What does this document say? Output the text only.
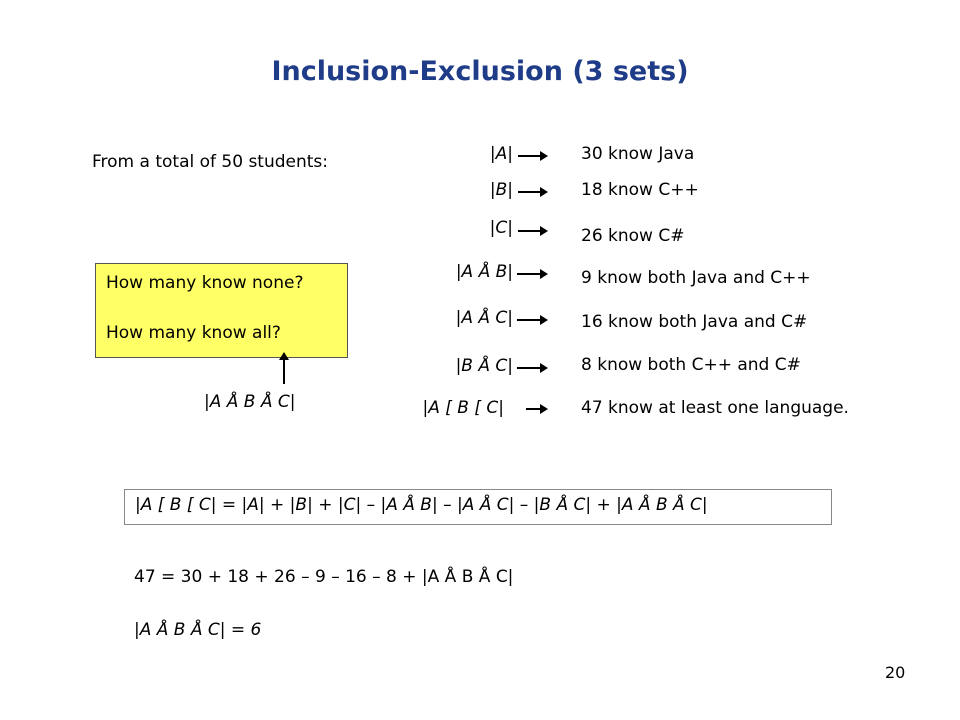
Inclusion-Exclusion (3 sets)
From a total of 50 students:	|A|	30 know Java
|B|	18 know C++
|C|	26 know C#
|A Å B|	9 know both Java and C++
|A Å C|	16 know both Java and C#
|B Å C|	8 know both C++ and C#
|A [ B [ C|	47 know at least one language.
How many know none?
How many know all?
|A Å B Å C|
|A [ B [ C| = |A| + |B| + |C| – |A Å B| – |A Å C| – |B Å C| + |A Å B Å C|
47 = 30 + 18 + 26 – 9 – 16 – 8 + |A Å B Å C|
|A Å B Å C| = 6
20
